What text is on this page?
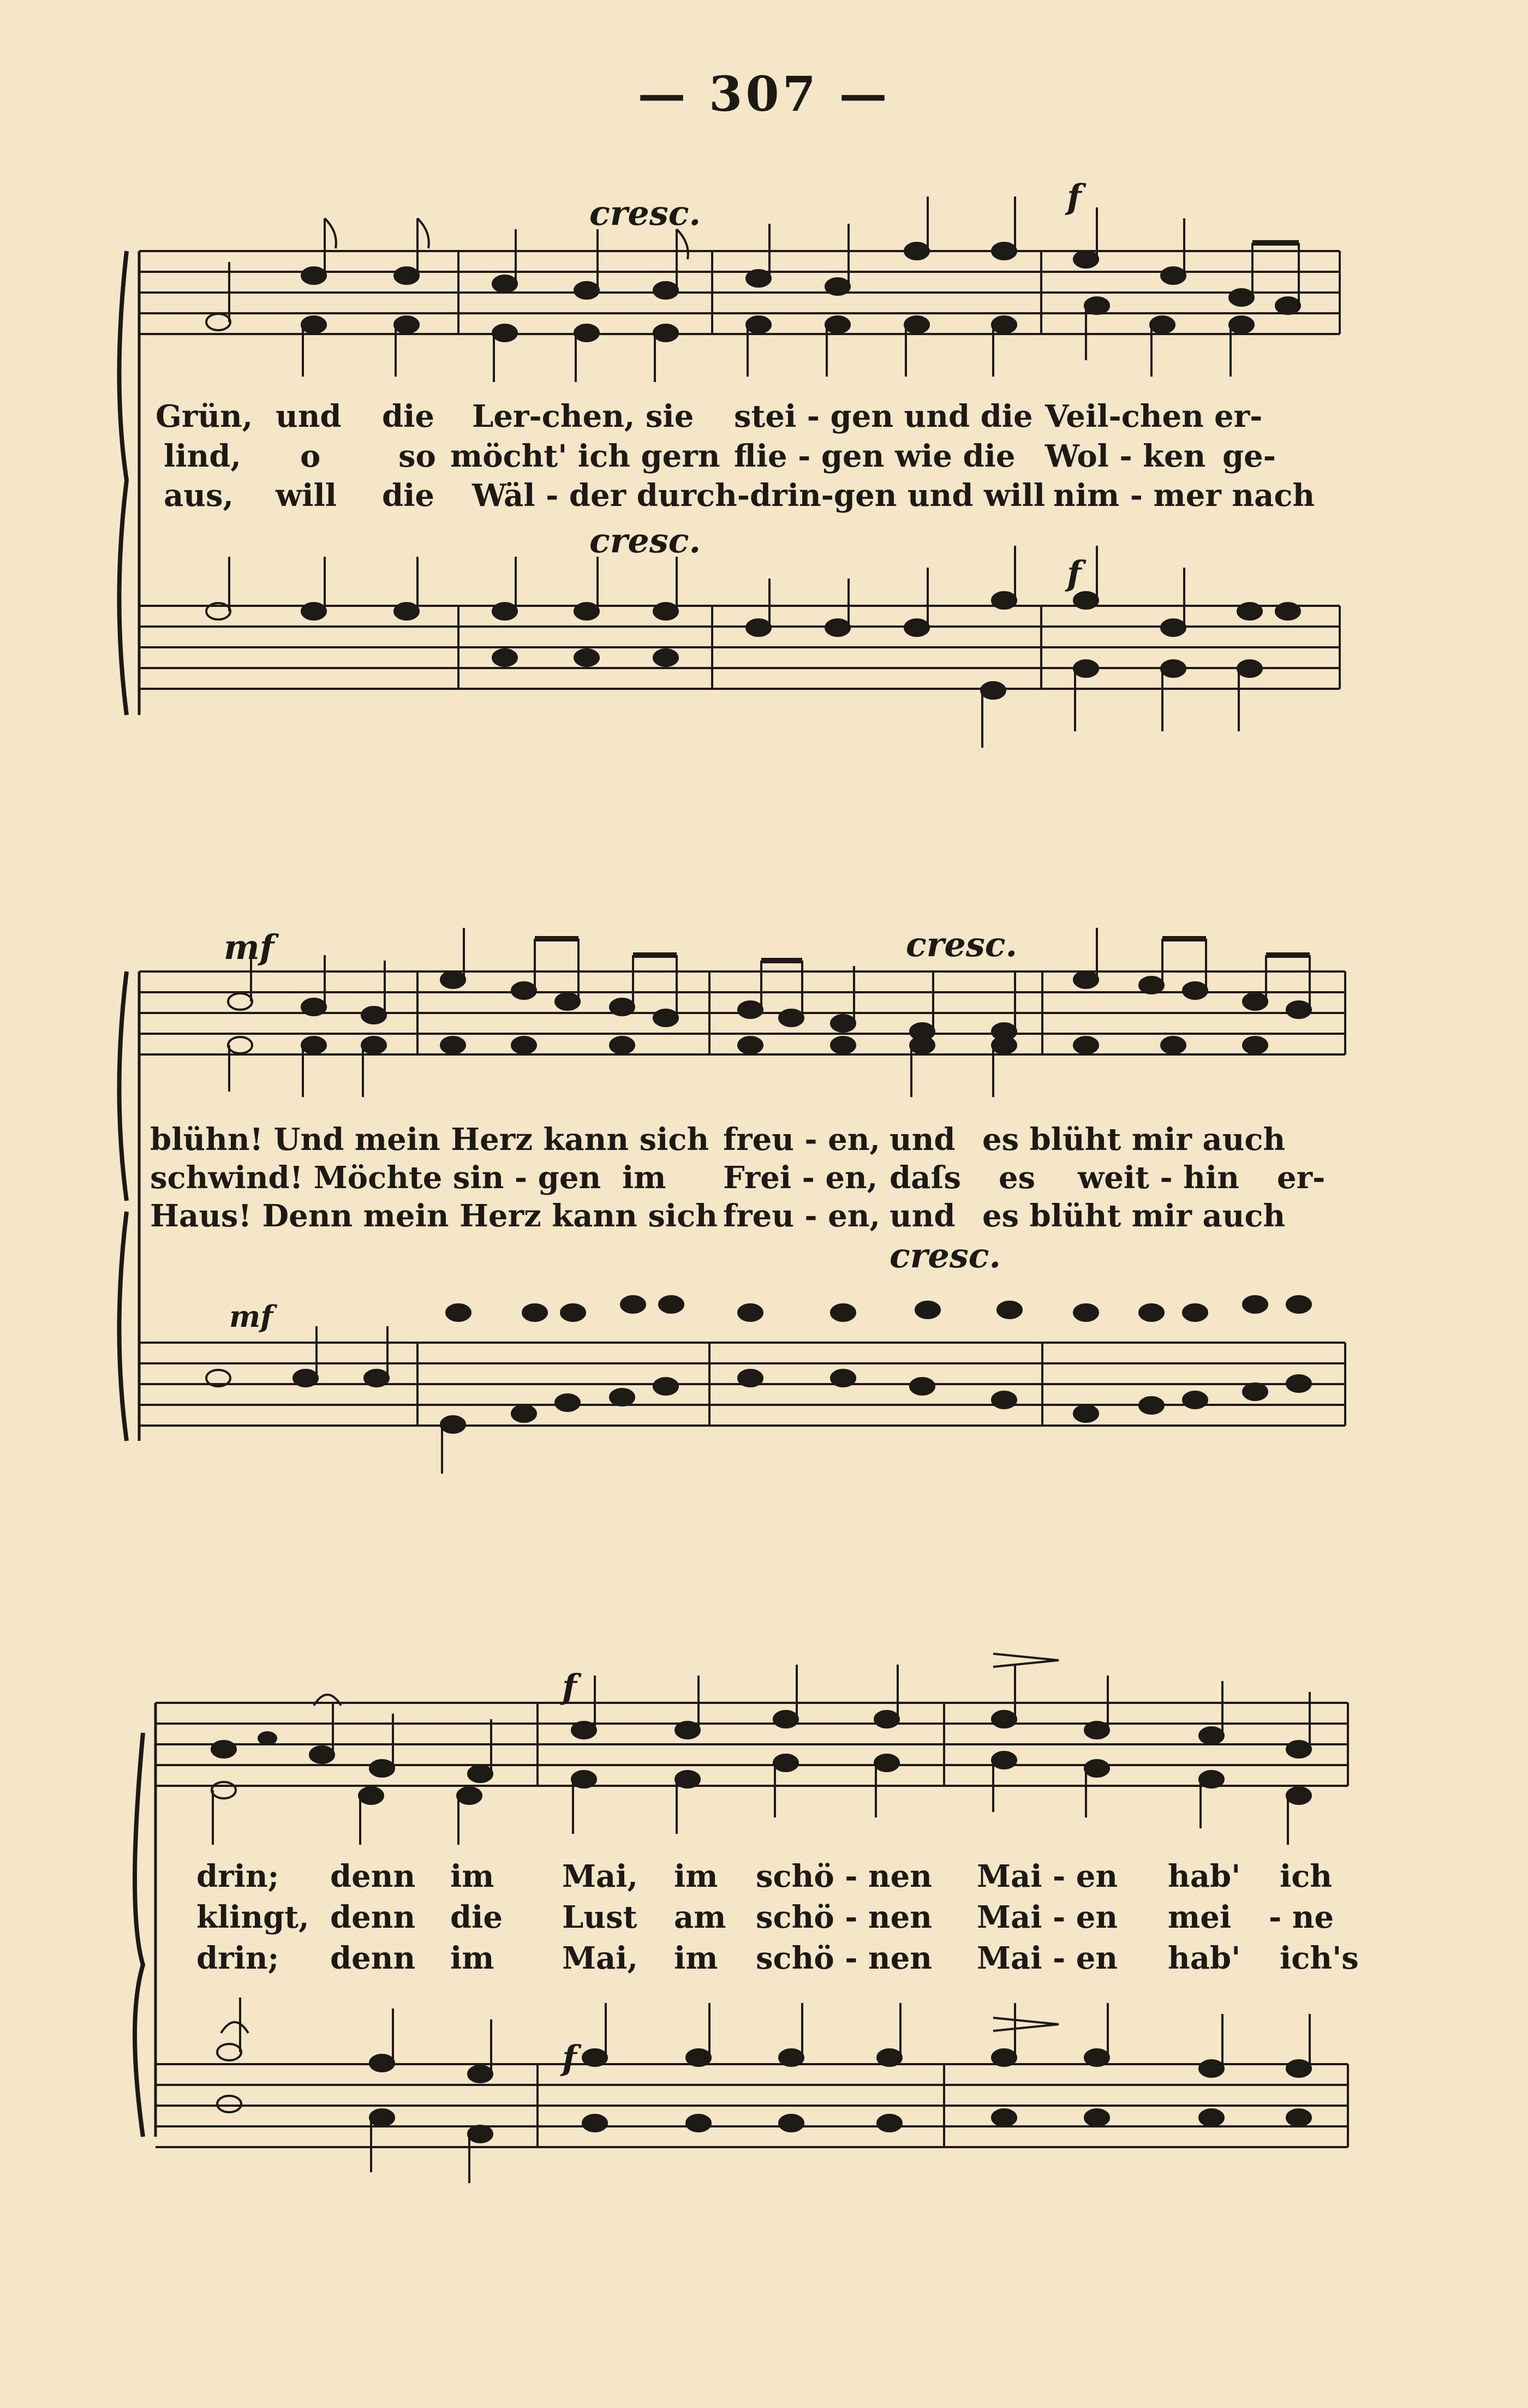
— 307 —
cresc.	f
cresc.
f
Grün, und die Ler-chen, sie stei - gen und die Veil-chen er-
lind, o	so möcht' ich gern flie - gen wie die Wol - ken ge-
aus, will die Wäl - der durch-drin-gen und will nim - mer nach
mf	cresc.
mf
cresc.
blühn! Und mein Herz kann sich freu - en, und es blüht mir auch
schwind! Möchte sin - gen im Frei - en, daſs es weit - hin er-
Haus! Denn mein Herz kann sich freu - en, und es blüht mir auch
f
f
drin; denn im Mai, im schö - nen Mai - en hab' ich
klingt, denn die Lust am schö - nen Mai - en mei - ne
drin; denn im Mai, im schö - nen Mai - en hab' ich's
